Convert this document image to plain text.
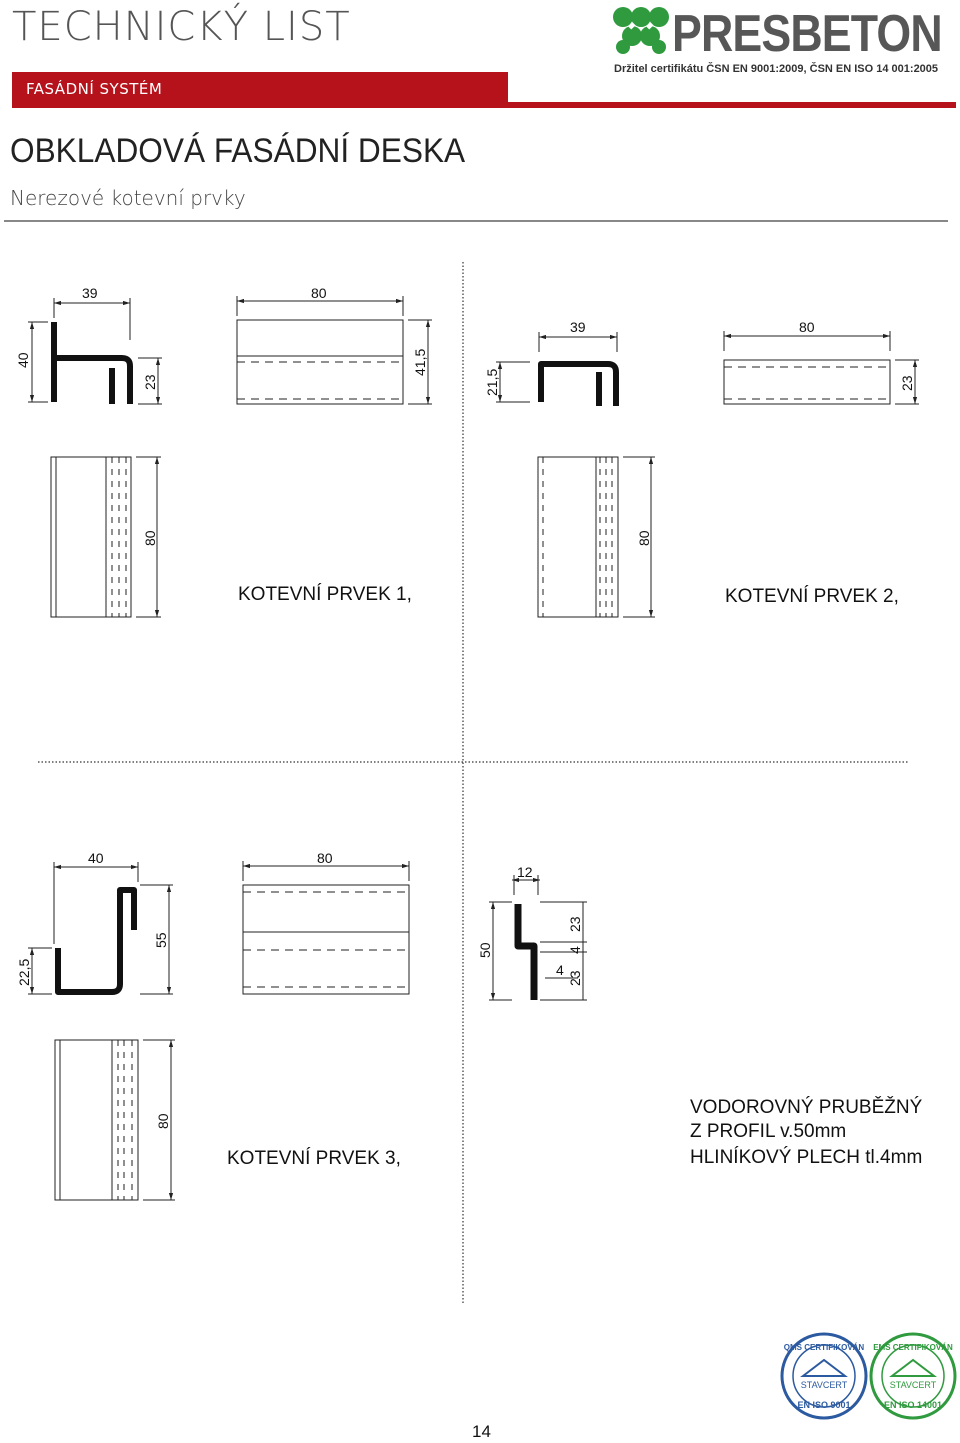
TECHNICKÝ LIST
FASÁDNÍ SYSTÉM
PRESBETON
Držitel certifikátu ČSN EN 9001:2009, ČSN EN ISO 14 001:2005
OBKLADOVÁ FASÁDNÍ DESKA
Nerezové kotevní prvky
39	80
40
23
41,5
80
39	80
21,5	23
80
40	80
22,5
55
80
12
50
23
4
4
23
QMS CERTIFIKOVÁN
STAVCERT
EN ISO 9001
EMS CERTIFIKOVÁN
STAVCERT
EN ISO 14001
KOTEVNÍ PRVEK 1,	KOTEVNÍ PRVEK 2,
KOTEVNÍ PRVEK 3,
VODOROVNÝ PRUBĚŽNÝ
Z PROFIL v.50mm
HLINÍKOVÝ PLECH tl.4mm
14
